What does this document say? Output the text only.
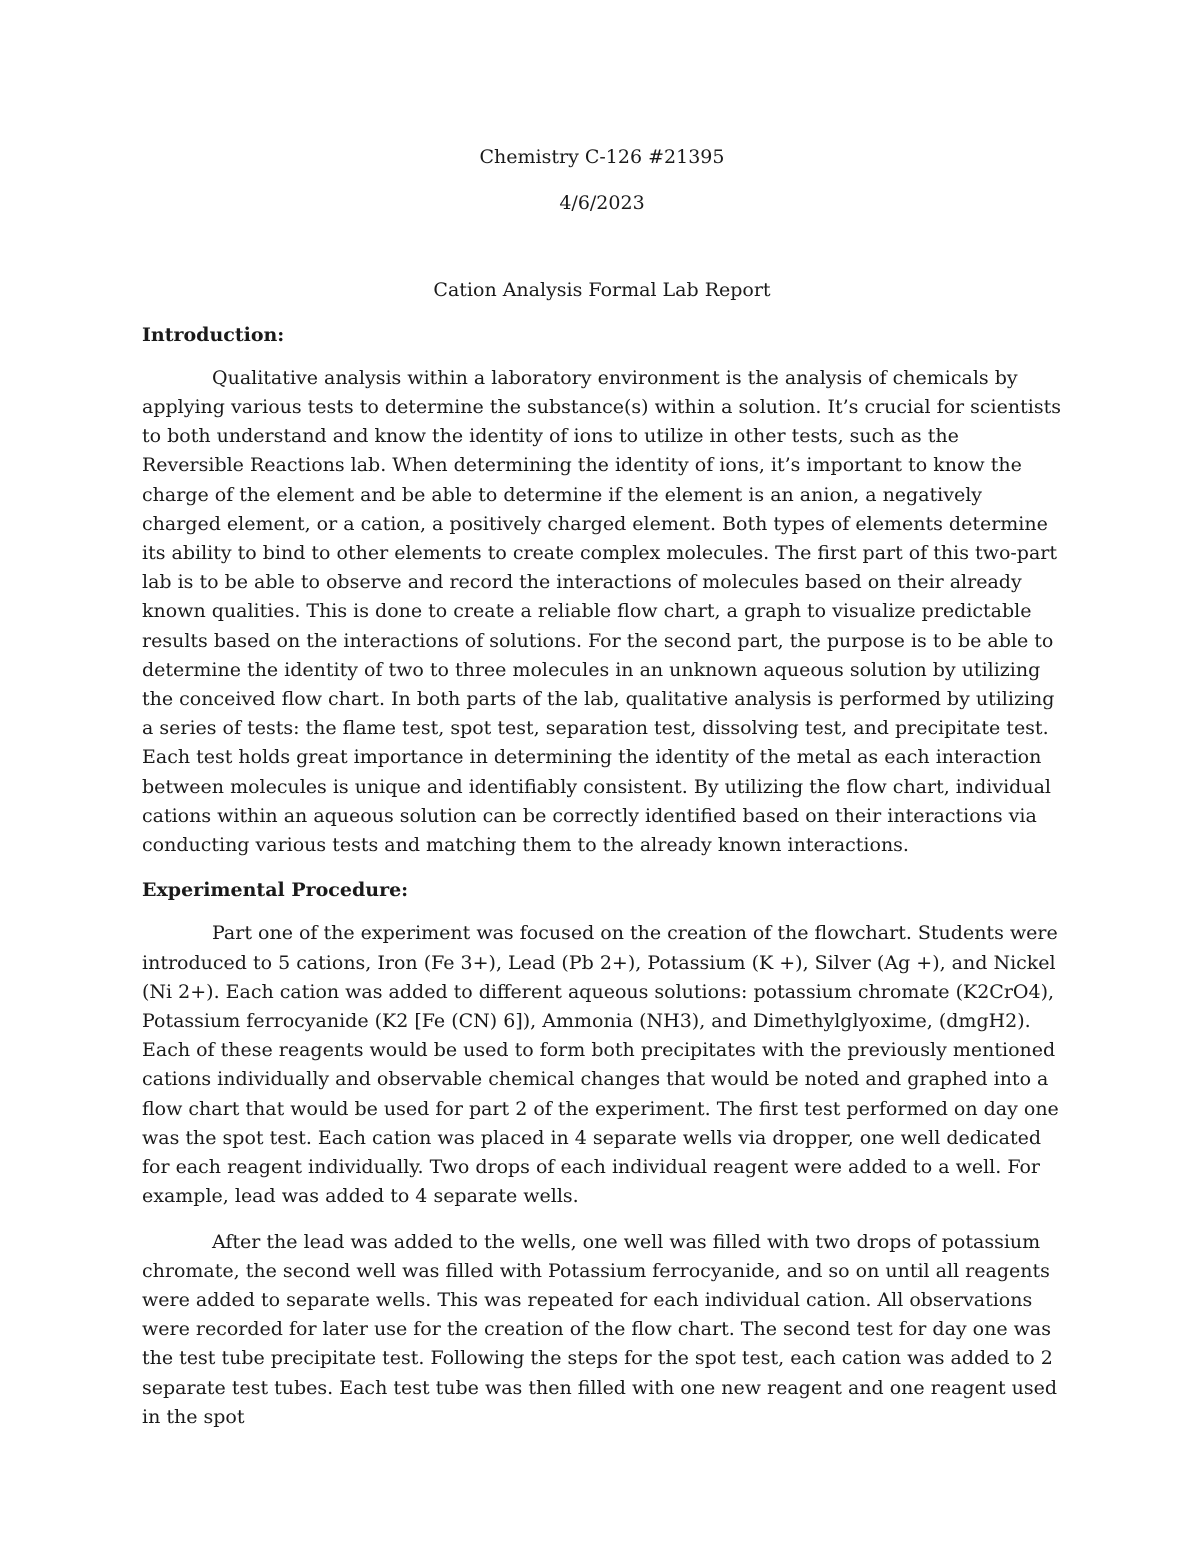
Chemistry C-126 #21395

4/6/2023

Cation Analysis Formal Lab Report

Introduction:

Qualitative analysis within a laboratory environment is the analysis of chemicals by applying various tests to determine the substance(s) within a solution. It’s crucial for scientists to both understand and know the identity of ions to utilize in other tests, such as the Reversible Reactions lab. When determining the identity of ions, it’s important to know the charge of the element and be able to determine if the element is an anion, a negatively charged element, or a cation, a positively charged element. Both types of elements determine its ability to bind to other elements to create complex molecules. The first part of this two-part lab is to be able to observe and record the interactions of molecules based on their already known qualities. This is done to create a reliable flow chart, a graph to visualize predictable results based on the interactions of solutions. For the second part, the purpose is to be able to determine the identity of two to three molecules in an unknown aqueous solution by utilizing the conceived flow chart. In both parts of the lab, qualitative analysis is performed by utilizing a series of tests: the flame test, spot test, separation test, dissolving test, and precipitate test. Each test holds great importance in determining the identity of the metal as each interaction between molecules is unique and identifiably consistent. By utilizing the flow chart, individual cations within an aqueous solution can be correctly identified based on their interactions via conducting various tests and matching them to the already known interactions.

Experimental Procedure:

Part one of the experiment was focused on the creation of the flowchart. Students were introduced to 5 cations, Iron (Fe 3+), Lead (Pb 2+), Potassium (K +), Silver (Ag +), and Nickel (Ni 2+). Each cation was added to different aqueous solutions: potassium chromate (K2CrO4), Potassium ferrocyanide (K2 [Fe (CN) 6]), Ammonia (NH3), and Dimethylglyoxime, (dmgH2). Each of these reagents would be used to form both precipitates with the previously mentioned cations individually and observable chemical changes that would be noted and graphed into a flow chart that would be used for part 2 of the experiment. The first test performed on day one was the spot test. Each cation was placed in 4 separate wells via dropper, one well dedicated for each reagent individually. Two drops of each individual reagent were added to a well. For example, lead was added to 4 separate wells.

After the lead was added to the wells, one well was filled with two drops of potassium chromate, the second well was filled with Potassium ferrocyanide, and so on until all reagents were added to separate wells. This was repeated for each individual cation. All observations were recorded for later use for the creation of the flow chart. The second test for day one was the test tube precipitate test. Following the steps for the spot test, each cation was added to 2 separate test tubes. Each test tube was then filled with one new reagent and one reagent used in the spot
